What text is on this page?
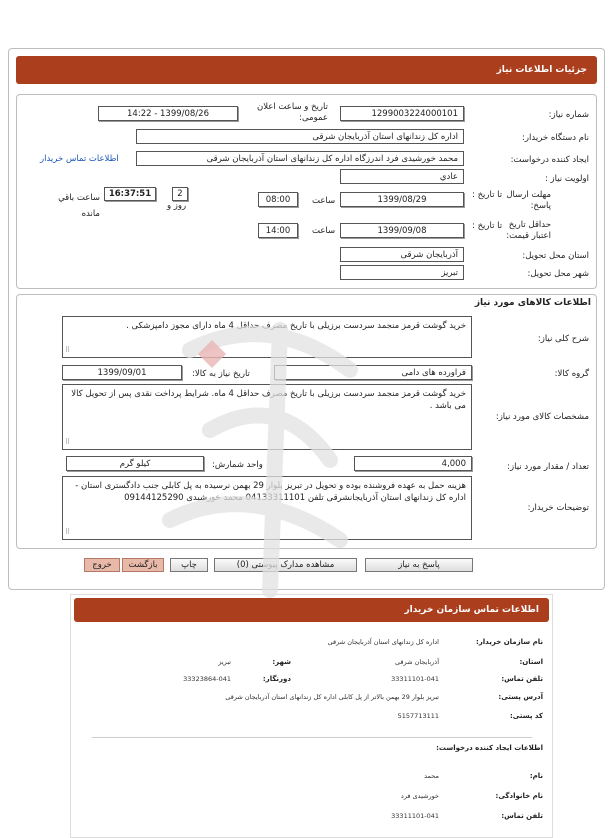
جزئیات اطلاعات نیاز
شماره نیاز:
1299003224000101
تاریخ و ساعت اعلان عمومی:
1399/08/26 - 14:22
نام دستگاه خریدار:
اداره کل زندانهای استان آذربایجان شرقی
ایجاد کننده درخواست:
محمد خورشیدی فرد اندرزگاه اداره کل زندانهای استان آذربایجان شرقی
اطلاعات تماس خریدار
اولویت نیاز :
عادي
مهلت ارسال پاسخ:
تا تاریخ :
1399/08/29
ساعت
08:00
2
روز و
16:37:51
ساعت باقي مانده
حداقل تاریخ اعتبار قیمت:
تا تاریخ :
1399/09/08
ساعت
14:00
استان محل تحویل:
آذربایجان شرقی
شهر محل تحویل:
تبریز
اطلاعات کالاهای مورد نیاز
شرح کلی نیاز:
خرید گوشت قرمز منجمد سردست برزیلی با تاریخ مصرف حداقل 4 ماه دارای مجوز دامپزشکی .
⠿
گروه کالا:
فراورده های دامی
تاریخ نیاز به کالا:
1399/09/01
مشخصات کالای مورد نیاز:
خرید گوشت قرمز منجمد سردست برزیلی با تاریخ مصرف حداقل 4 ماه. شرایط پرداخت نقدی پس از تحویل کالا می باشد .
⠿
تعداد / مقدار مورد نیاز:
4,000
واحد شمارش:
کیلو گرم
توضیحات خریدار:
هزینه حمل به عهده فروشنده بوده و تحویل در تبریز بلوار 29 بهمن نرسیده به پل کابلی جنب دادگستری استان - اداره کل زندانهای استان آذربایجانشرقی تلفن 04133311101 محمد خورشیدی 09144125290
⠿
پاسخ به نیاز
مشاهده مدارک پیوستی (0)
چاپ
بازگشت
خروج
اطلاعات تماس سازمان خریدار
نام سازمان خریدار:
اداره کل زندانهای استان آذربایجان شرقی
استان:
آذربایجان شرقی
شهر:
تبریز
تلفن تماس:
33311101-041
دورنگار:
33323864-041
آدرس پستی:
تبریز بلوار 29 بهمن بالاتر از پل کابلی اداره کل زندانهای استان آذربایجان شرقی
کد پستی:
5157713111
اطلاعات ایجاد کننده درخواست:
نام:
محمد
نام خانوادگی:
خورشیدی فرد
تلفن تماس:
33311101-041
